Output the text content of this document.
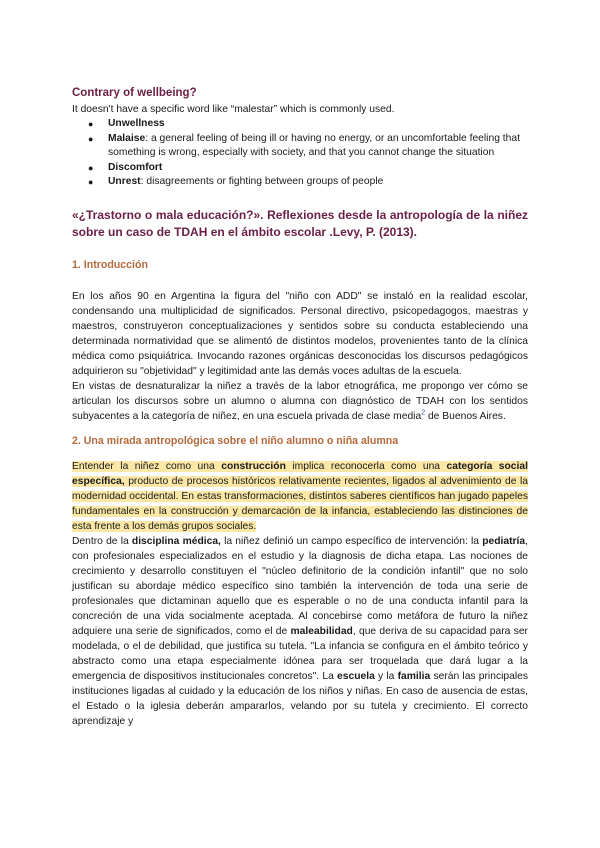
Contrary of wellbeing?

It doesn't have a specific word like “malestar” which is commonly used.

● Unwellness
● Malaise: a general feeling of being ill or having no energy, or an uncomfortable feeling that something is wrong, especially with society, and that you cannot change the situation
● Discomfort
● Unrest: disagreements or fighting between groups of people
«¿Trastorno o mala educación?». Reflexiones desde la antropología de la niñez sobre un caso de TDAH en el ámbito escolar .Levy, P. (2013).
1. Introducción

En los años 90 en Argentina la figura del "niño con ADD" se instaló en la realidad escolar, condensando una multiplicidad de significados. Personal directivo, psicopedagogos, maestras y maestros, construyeron conceptualizaciones y sentidos sobre su conducta estableciendo una determinada normatividad que se alimentó de distintos modelos, provenientes tanto de la clínica médica como psiquiátrica. Invocando razones orgánicas desconocidas los discursos pedagógicos adquirieron su "objetividad" y legitimidad ante las demás voces adultas de la escuela.

En vistas de desnaturalizar la niñez a través de la labor etnográfica, me propongo ver cómo se articulan los discursos sobre un alumno o alumna con diagnóstico de TDAH con los sentidos subyacentes a la categoría de niñez, en una escuela privada de clase media$^2$ de Buenos Aires.

2. Una mirada antropológica sobre el niño alumno o niña alumna

Entender la niñez como una construcción implica reconocerla como una categoría social específica, producto de procesos históricos relativamente recientes, ligados al advenimiento de la modernidad occidental. En estas transformaciones, distintos saberes científicos han jugado papeles fundamentales en la construcción y demarcación de la infancia, estableciendo las distinciones de esta frente a los demás grupos sociales.

Dentro de la disciplina médica, la niñez definió un campo específico de intervención: la pediatría, con profesionales especializados en el estudio y la diagnosis de dicha etapa. Las nociones de crecimiento y desarrollo constituyen el "núcleo definitorio de la condición infantil" que no solo justifican su abordaje médico específico sino también la intervención de toda una serie de profesionales que dictaminan aquello que es esperable o no de una conducta infantil para la concreción de una vida socialmente aceptada. Al concebirse como metáfora de futuro la niñez adquiere una serie de significados, como el de maleabilidad, que deriva de su capacidad para ser modelada, o el de debilidad, que justifica su tutela. "La infancia se configura en el ámbito teórico y abstracto como una etapa especialmente idónea para ser troquelada que dará lugar a la emergencia de dispositivos institucionales concretos". La escuela y la familia serán las principales instituciones ligadas al cuidado y la educación de los niños y niñas. En caso de ausencia de estas, el Estado o la iglesia deberán ampararlos, velando por su tutela y crecimiento. El correcto aprendizaje y
